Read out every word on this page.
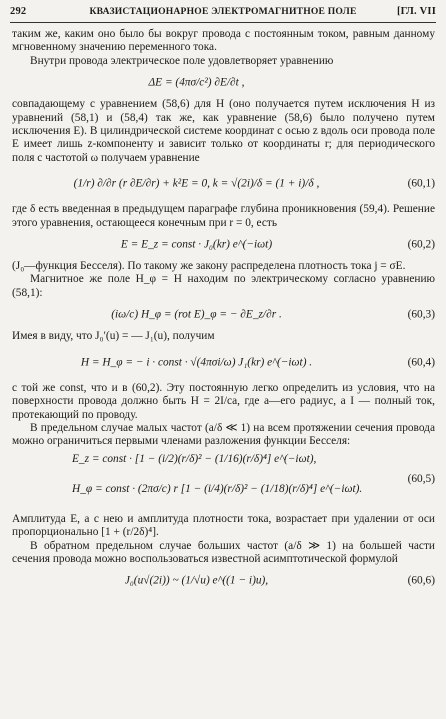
292	КВАЗИСТАЦИОНАРНОЕ ЭЛЕКТРОМАГНИТНОЕ ПОЛЕ	[ГЛ. VII

таким же, каким оно было бы вокруг провода с постоянным током, равным данному мгновенному значению переменного тока.

Внутри провода электрическое поле удовлетворяет уравнению

ΔE = (4πσ/c²) ∂E/∂t ,

совпадающему с уравнением (58,6) для H (оно получается путем исключения H из уравнений (58,1) и (58,4) так же, как уравнение (58,6) было получено путем исключения E). В цилиндрической системе координат с осью z вдоль оси провода поле E имеет лишь z-компоненту и зависит только от координаты r; для периодического поля с частотой ω получаем уравнение

(1/r) ∂/∂r (r ∂E/∂r) + k²E = 0, k = √(2i)/δ = (1 + i)/δ ,	(60,1)

где δ есть введенная в предыдущем параграфе глубина проникновения (59,4). Решение этого уравнения, остающееся конечным при r = 0, есть

E = E_z = const · J₀(kr) e^(−iωt)	(60,2)

(J₀—функция Бесселя). По такому же закону распределена плотность тока j = σE.

Магнитное же поле H_φ = H находим по электрическому согласно уравнению (58,1):

(iω/c) H_φ = (rot E)_φ = − ∂E_z/∂r .	(60,3)

Имея в виду, что J₀′(u) = — J₁(u), получим

H = H_φ = − i · const · √(4πσi/ω) J₁(kr) e^(−iωt) .	(60,4)

с той же const, что и в (60,2). Эту постоянную легко определить из условия, что на поверхности провода должно быть H = 2I/ca, где a—его радиус, а I — полный ток, протекающий по проводу.

В предельном случае малых частот (a/δ ≪ 1) на всем протяжении сечения провода можно ограничиться первыми членами разложения функции Бесселя:

E_z = const · [1 − (i/2)(r/δ)² − (1/16)(r/δ)⁴] e^(−iωt),
H_φ = const · (2πσ/c) r [1 − (i/4)(r/δ)² − (1/18)(r/δ)⁴] e^(−iωt).
(60,5)

Амплитуда E, а с нею и амплитуда плотности тока, возрастает при удалении от оси пропорционально [1 + (r/2δ)⁴].

В обратном предельном случае больших частот (a/δ ≫ 1) на большей части сечения провода можно воспользоваться известной асимптотической формулой

J₀(u√(2i)) ~ (1/√u) e^((1 − i)u),	(60,6)
